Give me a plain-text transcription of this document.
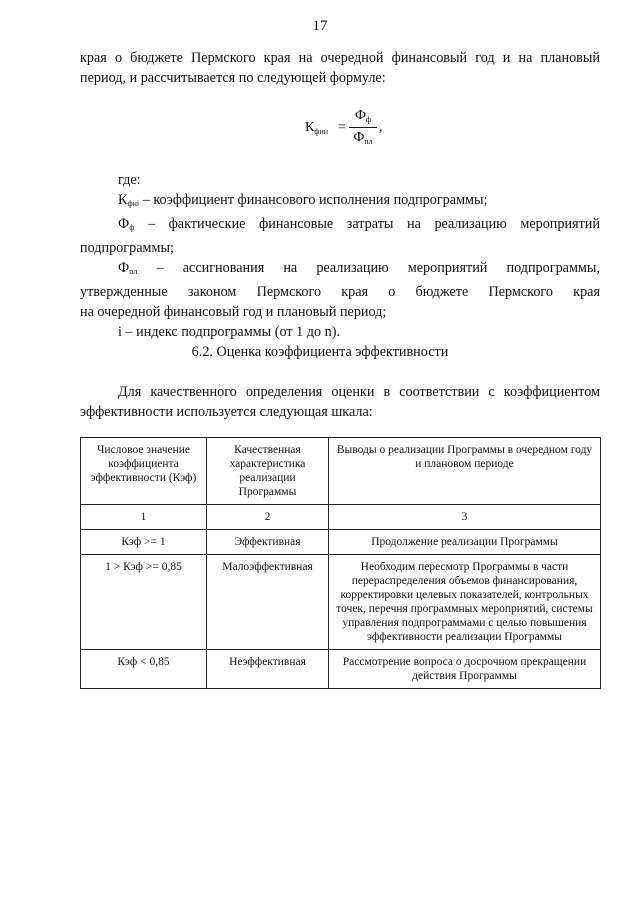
17

края о бюджете Пермского края на очередной финансовый год и на плановый

период, и рассчитывается по следующей формуле:

$К_{фин}$ =
$Ф_ф$
$Ф_{пл}$
,

где:

Кфнi – коэффициент финансового исполнения подпрограммы;

Фф – фактические финансовые затраты на реализацию мероприятий

подпрограммы;

Фпл – ассигнования на реализацию мероприятий подпрограммы,

утвержденные законом Пермского края о бюджете Пермского края

на очередной финансовый год и плановый период;

i – индекс подпрограммы (от 1 до n).

6.2. Оценка коэффициента эффективности

Для качественного определения оценки в соответствии с коэффициентом

эффективности используется следующая шкала:

Числовое значение коэффициента эффективности (Кэф)	Качественная характеристика реализации Программы	Выводы о реализации Программы в очередном году и плановом периоде
1	2	3
Кэф >= 1	Эффективная	Продолжение реализации Программы
1 > Кэф >= 0,85	Малоэффективная	Необходим пересмотр Программы в части перераспределения объемов финансирования, корректировки целевых показателей, контрольных точек, перечня программных мероприятий, системы управления подпрограммами с целью повышения эффективности реализации Программы
Кэф < 0,85	Неэффективная	Рассмотрение вопроса о досрочном прекращении действия Программы
